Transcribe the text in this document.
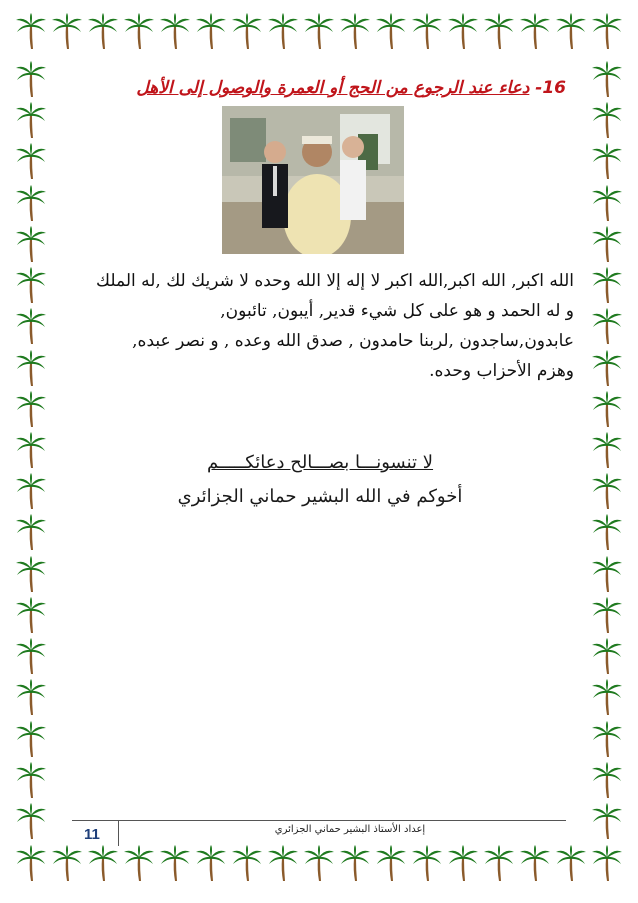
16- دعاء عند الرجوع من الحج أو العمرة والوصول إلى الأهل
الله اكبر, الله اكبر,الله اكبر لا إله إلا الله وحده لا شريك لك ,له الملك
و له الحمد و هو على كل شيء قدير, أيبون, تائبون,
عابدون,ساجدون ,لربنا حامدون , صدق الله وعده , و نصر عبده,
وهزم الأحزاب وحده.
لا تنسونـــا بصـــالح دعائكـــــم
أخوكم في الله البشير حماني الجزائري
11	إعداد الأستاذ البشير حماني الجزائري
